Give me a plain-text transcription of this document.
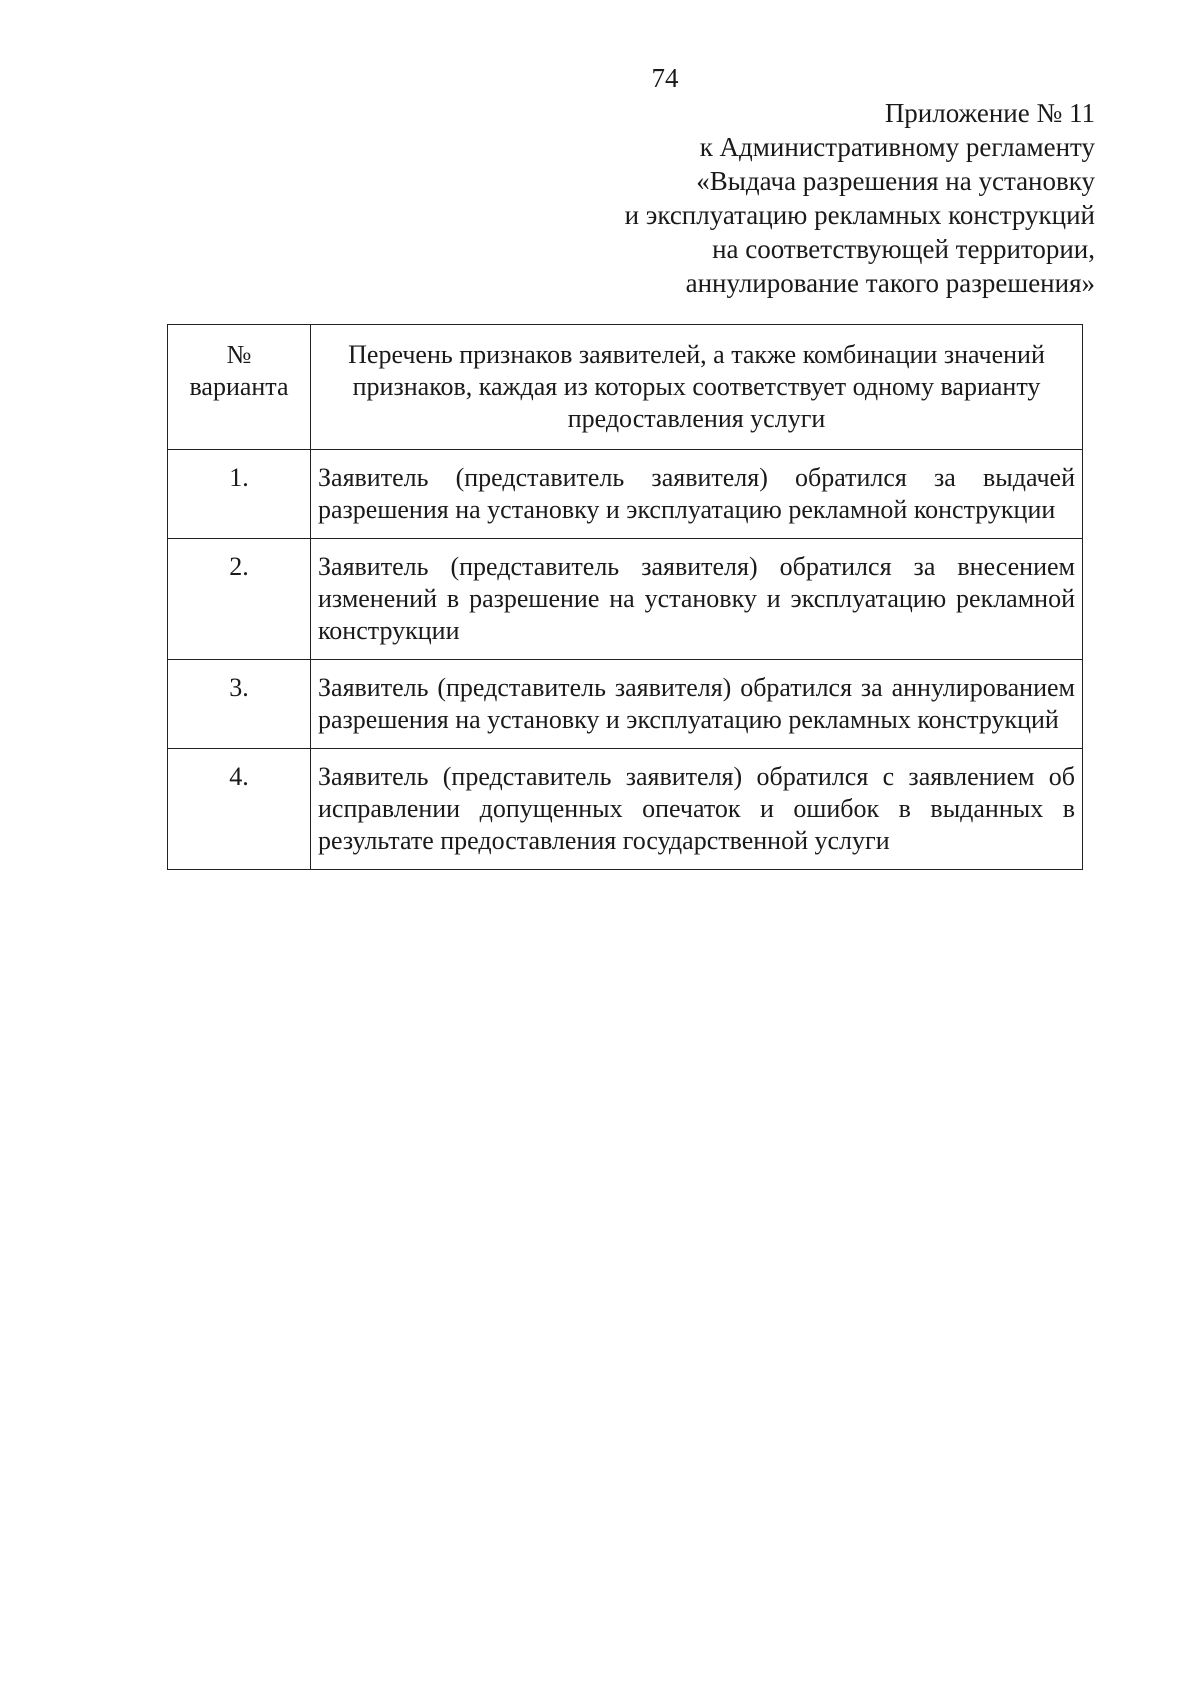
74
Приложение № 11
к Административному регламенту
«Выдача разрешения на установку
и эксплуатацию рекламных конструкций
на соответствующей территории,
аннулирование такого разрешения»
№ варианта	Перечень признаков заявителей, а также комбинации значений признаков, каждая из которых соответствует одному варианту предоставления услуги
1.	Заявитель (представитель заявителя) обратился за выдачей разрешения на установку и эксплуатацию рекламной конструкции
2.	Заявитель (представитель заявителя) обратился за внесением изменений в разрешение на установку и эксплуатацию рекламной конструкции
3.	Заявитель (представитель заявителя) обратился за аннулированием разрешения на установку и эксплуатацию рекламных конструкций
4.	Заявитель (представитель заявителя) обратился с заявлением об исправлении допущенных опечаток и ошибок в выданных в результате предоставления государственной услуги
